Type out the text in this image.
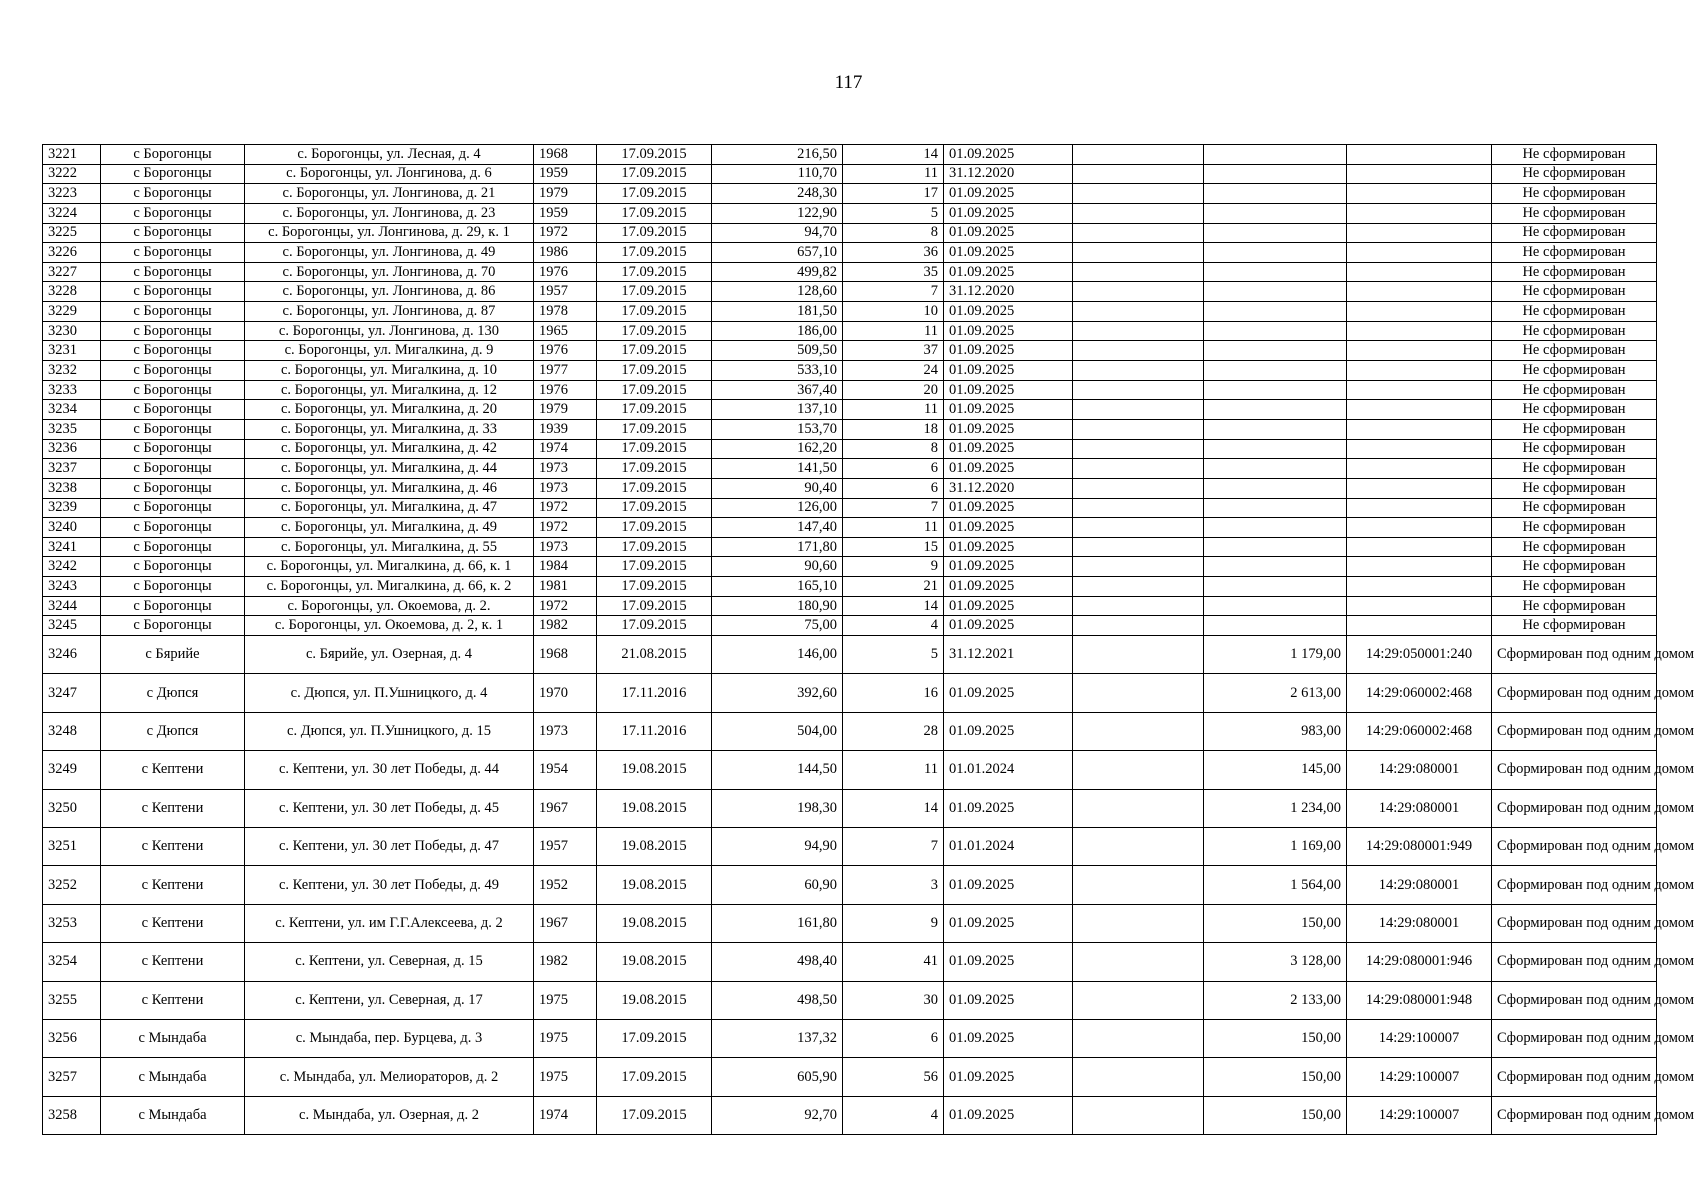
117
3221	с Борогонцы	с. Борогонцы, ул. Лесная, д. 4	1968	17.09.2015	216,50	14	01.09.2025				Не сформирован
3222	с Борогонцы	с. Борогонцы, ул. Лонгинова, д. 6	1959	17.09.2015	110,70	11	31.12.2020				Не сформирован
3223	с Борогонцы	с. Борогонцы, ул. Лонгинова, д. 21	1979	17.09.2015	248,30	17	01.09.2025				Не сформирован
3224	с Борогонцы	с. Борогонцы, ул. Лонгинова, д. 23	1959	17.09.2015	122,90	5	01.09.2025				Не сформирован
3225	с Борогонцы	с. Борогонцы, ул. Лонгинова, д. 29, к. 1	1972	17.09.2015	94,70	8	01.09.2025				Не сформирован
3226	с Борогонцы	с. Борогонцы, ул. Лонгинова, д. 49	1986	17.09.2015	657,10	36	01.09.2025				Не сформирован
3227	с Борогонцы	с. Борогонцы, ул. Лонгинова, д. 70	1976	17.09.2015	499,82	35	01.09.2025				Не сформирован
3228	с Борогонцы	с. Борогонцы, ул. Лонгинова, д. 86	1957	17.09.2015	128,60	7	31.12.2020				Не сформирован
3229	с Борогонцы	с. Борогонцы, ул. Лонгинова, д. 87	1978	17.09.2015	181,50	10	01.09.2025				Не сформирован
3230	с Борогонцы	с. Борогонцы, ул. Лонгинова, д. 130	1965	17.09.2015	186,00	11	01.09.2025				Не сформирован
3231	с Борогонцы	с. Борогонцы, ул. Мигалкина, д. 9	1976	17.09.2015	509,50	37	01.09.2025				Не сформирован
3232	с Борогонцы	с. Борогонцы, ул. Мигалкина, д. 10	1977	17.09.2015	533,10	24	01.09.2025				Не сформирован
3233	с Борогонцы	с. Борогонцы, ул. Мигалкина, д. 12	1976	17.09.2015	367,40	20	01.09.2025				Не сформирован
3234	с Борогонцы	с. Борогонцы, ул. Мигалкина, д. 20	1979	17.09.2015	137,10	11	01.09.2025				Не сформирован
3235	с Борогонцы	с. Борогонцы, ул. Мигалкина, д. 33	1939	17.09.2015	153,70	18	01.09.2025				Не сформирован
3236	с Борогонцы	с. Борогонцы, ул. Мигалкина, д. 42	1974	17.09.2015	162,20	8	01.09.2025				Не сформирован
3237	с Борогонцы	с. Борогонцы, ул. Мигалкина, д. 44	1973	17.09.2015	141,50	6	01.09.2025				Не сформирован
3238	с Борогонцы	с. Борогонцы, ул. Мигалкина, д. 46	1973	17.09.2015	90,40	6	31.12.2020				Не сформирован
3239	с Борогонцы	с. Борогонцы, ул. Мигалкина, д. 47	1972	17.09.2015	126,00	7	01.09.2025				Не сформирован
3240	с Борогонцы	с. Борогонцы, ул. Мигалкина, д. 49	1972	17.09.2015	147,40	11	01.09.2025				Не сформирован
3241	с Борогонцы	с. Борогонцы, ул. Мигалкина, д. 55	1973	17.09.2015	171,80	15	01.09.2025				Не сформирован
3242	с Борогонцы	с. Борогонцы, ул. Мигалкина, д. 66, к. 1	1984	17.09.2015	90,60	9	01.09.2025				Не сформирован
3243	с Борогонцы	с. Борогонцы, ул. Мигалкина, д. 66, к. 2	1981	17.09.2015	165,10	21	01.09.2025				Не сформирован
3244	с Борогонцы	с. Борогонцы, ул. Окоемова, д. 2.	1972	17.09.2015	180,90	14	01.09.2025				Не сформирован
3245	с Борогонцы	с. Борогонцы, ул. Окоемова, д. 2, к. 1	1982	17.09.2015	75,00	4	01.09.2025				Не сформирован
3246	с Бярийе	с. Бярийе, ул. Озерная, д. 4	1968	21.08.2015	146,00	5	31.12.2021		1 179,00	14:29:050001:240	Сформирован под одним домом
3247	с Дюпся	с. Дюпся, ул. П.Ушницкого, д. 4	1970	17.11.2016	392,60	16	01.09.2025		2 613,00	14:29:060002:468	Сформирован под одним домом
3248	с Дюпся	с. Дюпся, ул. П.Ушницкого, д. 15	1973	17.11.2016	504,00	28	01.09.2025		983,00	14:29:060002:468	Сформирован под одним домом
3249	с Кептени	с. Кептени, ул. 30 лет Победы, д. 44	1954	19.08.2015	144,50	11	01.01.2024		145,00	14:29:080001	Сформирован под одним домом
3250	с Кептени	с. Кептени, ул. 30 лет Победы, д. 45	1967	19.08.2015	198,30	14	01.09.2025		1 234,00	14:29:080001	Сформирован под одним домом
3251	с Кептени	с. Кептени, ул. 30 лет Победы, д. 47	1957	19.08.2015	94,90	7	01.01.2024		1 169,00	14:29:080001:949	Сформирован под одним домом
3252	с Кептени	с. Кептени, ул. 30 лет Победы, д. 49	1952	19.08.2015	60,90	3	01.09.2025		1 564,00	14:29:080001	Сформирован под одним домом
3253	с Кептени	с. Кептени, ул. им Г.Г.Алексеева, д. 2	1967	19.08.2015	161,80	9	01.09.2025		150,00	14:29:080001	Сформирован под одним домом
3254	с Кептени	с. Кептени, ул. Северная, д. 15	1982	19.08.2015	498,40	41	01.09.2025		3 128,00	14:29:080001:946	Сформирован под одним домом
3255	с Кептени	с. Кептени, ул. Северная, д. 17	1975	19.08.2015	498,50	30	01.09.2025		2 133,00	14:29:080001:948	Сформирован под одним домом
3256	с Мындаба	с. Мындаба, пер. Бурцева, д. 3	1975	17.09.2015	137,32	6	01.09.2025		150,00	14:29:100007	Сформирован под одним домом
3257	с Мындаба	с. Мындаба, ул. Мелиораторов, д. 2	1975	17.09.2015	605,90	56	01.09.2025		150,00	14:29:100007	Сформирован под одним домом
3258	с Мындаба	с. Мындаба, ул. Озерная, д. 2	1974	17.09.2015	92,70	4	01.09.2025		150,00	14:29:100007	Сформирован под одним домом
